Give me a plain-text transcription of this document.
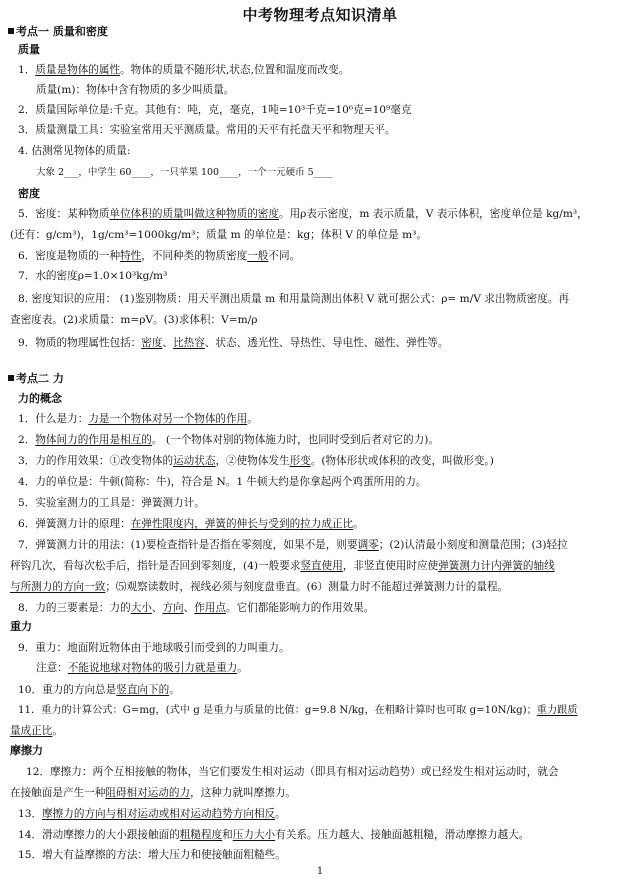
中考物理考点知识清单
考点一 质量和密度
质量
1．质量是物体的属性。物体的质量不随形状,状态,位置和温度而改变。
质量(m)：物体中含有物质的多少叫质量。
2．质量国际单位是:千克。其他有：吨，克，毫克，1吨=10³千克=10⁶克=10⁹毫克
3．质量测量工具：实验室常用天平测质量。常用的天平有托盘天平和物理天平。
4. 估测常见物体的质量:
大象 2___，中学生 60____，一只苹果 100____，一个一元硬币 5____
密度
5．密度：某种物质单位体积的质量叫做这种物质的密度。用ρ表示密度，m 表示质量，V 表示体积，密度单位是 kg/m³，
(还有：g/cm³)，1g/cm³=1000kg/m³；质量 m 的单位是：kg；体积 V 的单位是 m³。
6．密度是物质的一种特性，不同种类的物质密度一般不同。
7．水的密度ρ=1.0×10³kg/m³
8. 密度知识的应用： (1)鉴别物质：用天平测出质量 m 和用量筒测出体积 V 就可据公式：ρ= m/V 求出物质密度。再
查密度表。(2)求质量：m=ρV。(3)求体积：V=m/ρ
9．物质的物理属性包括：密度、比热容、状态、透光性、导热性、导电性、磁性、弹性等。
考点二 力
力的概念
1．什么是力：力是一个物体对另一个物体的作用。
2．物体间力的作用是相互的。 (一个物体对别的物体施力时，也同时受到后者对它的力)。
3．力的作用效果：①改变物体的运动状态，②使物体发生形变。(物体形状或体积的改变，叫做形变。)
4．力的单位是：牛顿(简称：牛)，符合是 N。1 牛顿大约是你拿起两个鸡蛋所用的力。
5．实验室测力的工具是：弹簧测力计。
6．弹簧测力计的原理：在弹性限度内，弹簧的伸长与受到的拉力成正比。
7．弹簧测力计的用法：(1)要检查指针是否指在零刻度，如果不是，则要调零；(2)认清最小刻度和测量范围；(3)轻拉
秤钩几次，看每次松手后，指针是否回到零刻度，(4)一般要求竖直使用，非竖直使用时应使弹簧测力计内弹簧的轴线
与所测力的方向一致；⑸观察读数时，视线必须与刻度盘垂直。(6）测量力时不能超过弹簧测力计的量程。
8．力的三要素是：力的大小、方向、作用点。它们都能影响力的作用效果。
重力
9．重力：地面附近物体由于地球吸引而受到的力叫重力。
注意：不能说地球对物体的吸引力就是重力。
10．重力的方向总是竖直向下的。
11．重力的计算公式：G=mg，(式中 g 是重力与质量的比值：g=9.8 N/kg，在粗略计算时也可取 g=10N/kg)；重力跟质
量成正比。
摩擦力
12．摩擦力：两个互相接触的物体，当它们要发生相对运动（即具有相对运动趋势）或已经发生相对运动时，就会
在接触面是产生一种阻碍相对运动的力，这种力就叫摩擦力。
13．摩擦力的方向与相对运动或相对运动趋势方向相反。
14．滑动摩擦力的大小跟接触面的粗糙程度和压力大小有关系。压力越大、接触面越粗糙，滑动摩擦力越大。
15．增大有益摩擦的方法：增大压力和使接触面粗糙些。
1
